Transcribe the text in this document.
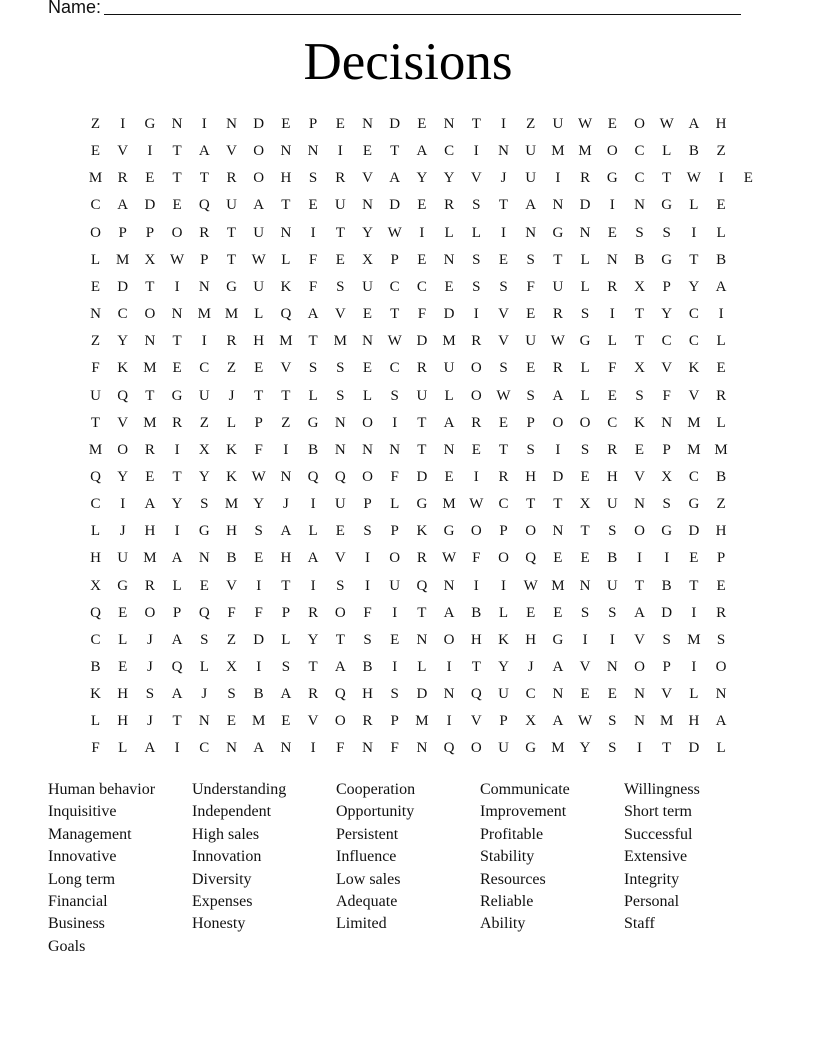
Name:
Decisions
Z	I	G	N	I	N	D	E	P	E	N	D	E	N	T	I	Z	U W	E	O W A	H
E	V	I	T	A	V	O	N	N	I	E	T	A	C	I	N	U	M M	O	C	L	B	Z
M	R	E	T	T	R	O	H	S	R	V	A	Y	Y	V	J	U	I	R	G	C	T	W	I	E
C	A	D	E	Q	U	A	T	E	U	N	D	E	R	S	T	A	N	D	I	N	G	L	E
O	P	P	O	R	T	U	N	I	T	Y W	I	L	L	I	N	G	N	E	S	S	I	L
L	M	X W	P	T	W	L	F	E	X	P	E	N	S	E	S	T	L	N	B	G	T	B
E	D	T	I	N	G	U	K	F	S	U	C	C	E	S	S	F	U	L	R	X	P	Y	A
N	C	O	N	M M	L	Q	A	V	E	T	F	D	I	V	E	R	S	I	T	Y	C	I
Z	Y	N	T	I	R	H	M	T	M	N W D	M	R	V	U W G	L	T	C	C	L
F	K	M	E	C	Z	E	V	S	S	E	C	R	U	O	S	E	R	L	F	X	V	K	E
U	Q	T	G	U	J	T	T	L	S	L	S	U	L	O W	S	A	L	E	S	F	V	R
T	V	M	R	Z	L	P	Z	G	N	O	I	T	A	R	E	P	O	O	C	K	N	M	L
M	O	R	I	X	K	F	I	B	N	N	N	T	N	E	T	S	I	S	R	E	P	M M
Q	Y	E	T	Y	K W N	Q	Q	O	F	D	E	I	R	H	D	E	H	V	X	C	B
C	I	A	Y	S	M	Y	J	I	U	P	L	G	M W	C	T	T	X	U	N	S	G	Z
L	J	H	I	G	H	S	A	L	E	S	P	K	G	O	P	O	N	T	S	O	G	D	H
H	U	M	A	N	B	E	H	A	V	I	O	R	W	F	O	Q	E	E	B	I	I	E	P
X	G	R	L	E	V	I	T	I	S	I	U	Q	N	I	I	W M	N	U	T	B	T	E
Q	E	O	P	Q	F	F	P	R	O	F	I	T	A	B	L	E	E	S	S	A	D	I	R
C	L	J	A	S	Z	D	L	Y	T	S	E	N	O	H	K	H	G	I	I	V	S	M	S
B	E	J	Q	L	X	I	S	T	A	B	I	L	I	T	Y	J	A	V	N	O	P	I	O
K	H	S	A	J	S	B	A	R	Q	H	S	D	N	Q	U	C	N	E	E	N	V	L	N
L	H	J	T	N	E	M	E	V	O	R	P	M	I	V	P	X	A W	S	N	M	H	A
F	L	A	I	C	N	A	N	I	F	N	F	N	Q	O	U	G	M	Y	S	I	T	D	L
Human behavior
Inquisitive
Management
Innovative
Long term
Financial
Business
Goals
Understanding
Independent
High sales
Innovation
Diversity
Expenses
Honesty
Cooperation
Opportunity
Persistent
Influence
Low sales
Adequate
Limited
Communicate
Improvement
Profitable
Stability
Resources
Reliable
Ability
Willingness
Short term
Successful
Extensive
Integrity
Personal
Staff
